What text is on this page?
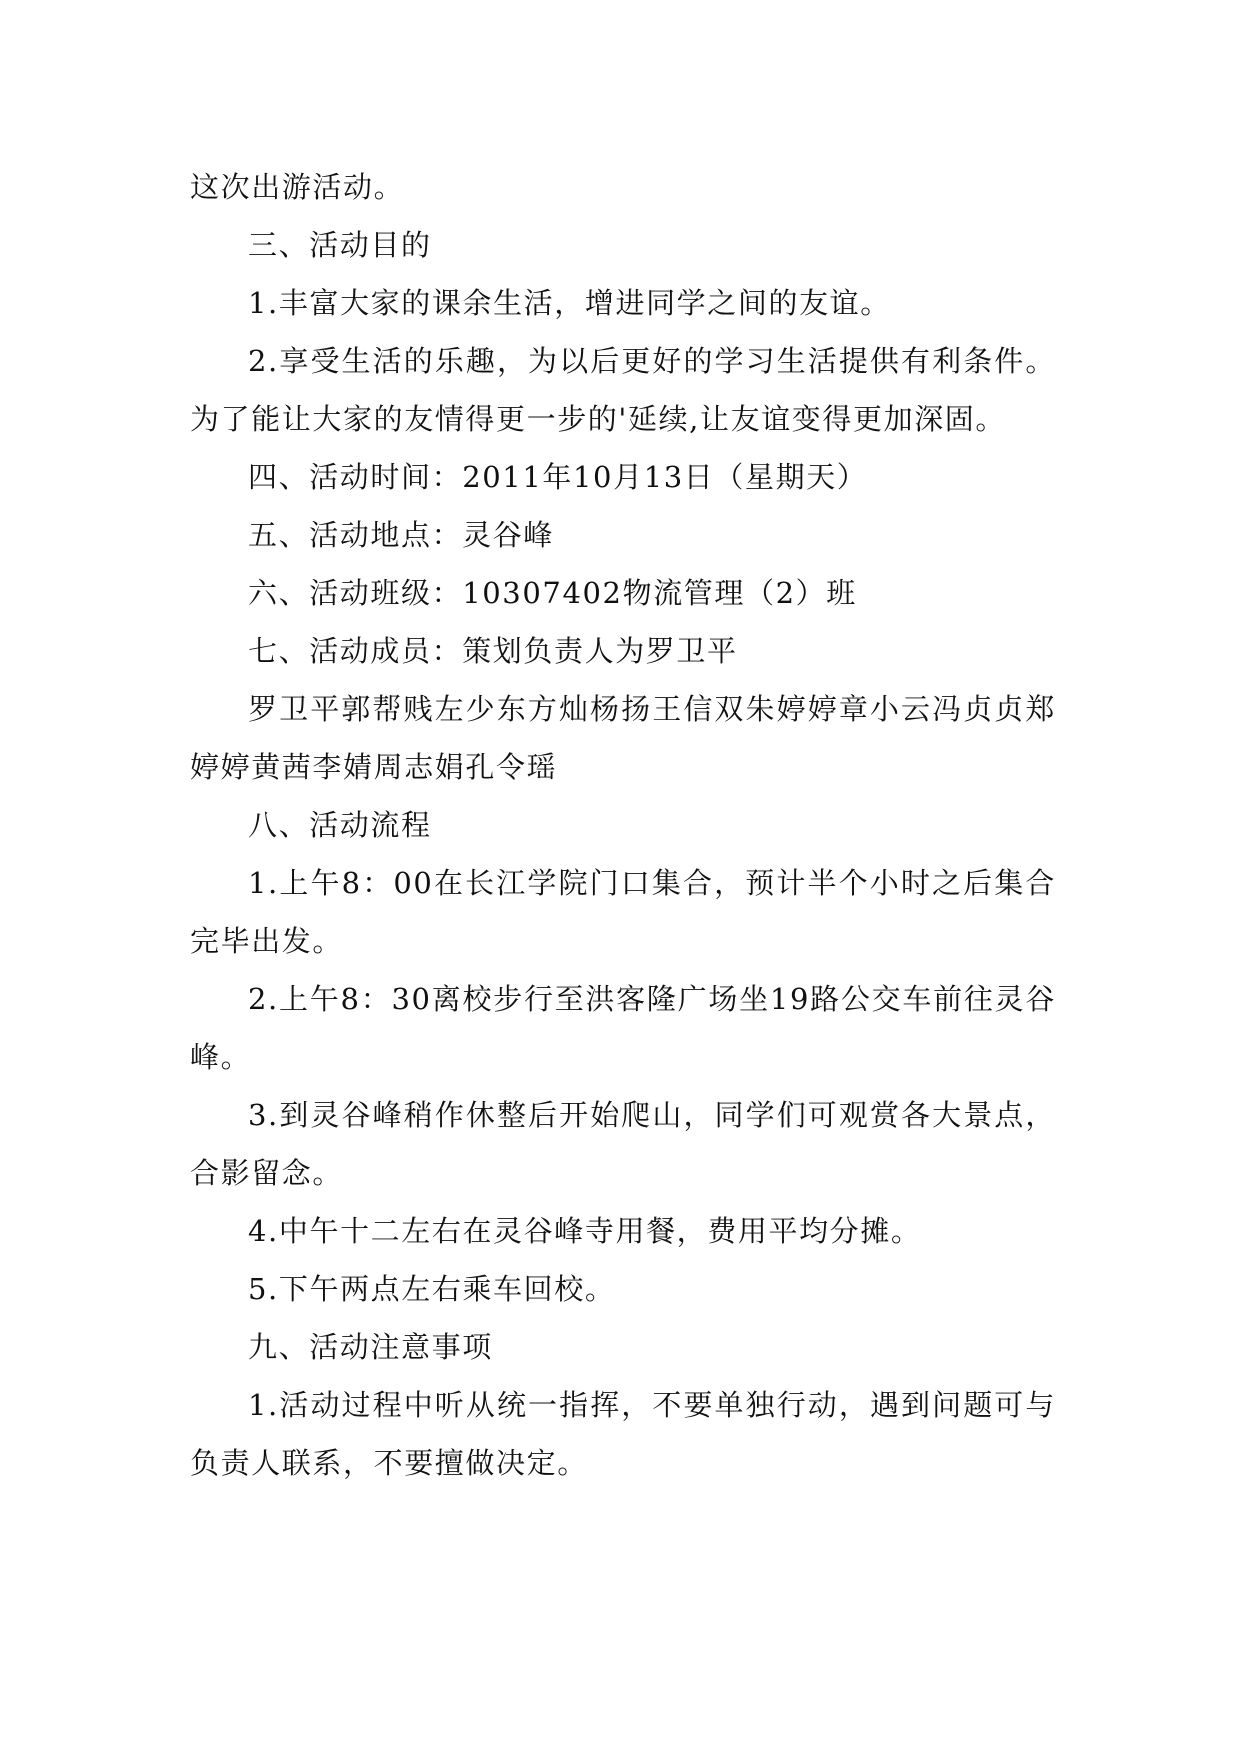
这次出游活动。

三、活动目的

1.丰富大家的课余生活，增进同学之间的友谊。

2.享受生活的乐趣，为以后更好的学习生活提供有利条件。为了能让大家的友情得更一步的'延续,让友谊变得更加深固。

四、活动时间：2011年10月13日（星期天）

五、活动地点：灵谷峰

六、活动班级：10307402物流管理（2）班

七、活动成员：策划负责人为罗卫平

罗卫平郭帮贱左少东方灿杨扬王信双朱婷婷章小云冯贞贞郑婷婷黄茜李婧周志娟孔令瑶

八、活动流程

1.上午8：00在长江学院门口集合，预计半个小时之后集合完毕出发。

2.上午8：30离校步行至洪客隆广场坐19路公交车前往灵谷峰。

3.到灵谷峰稍作休整后开始爬山，同学们可观赏各大景点，合影留念。

4.中午十二左右在灵谷峰寺用餐，费用平均分摊。

5.下午两点左右乘车回校。

九、活动注意事项

1.活动过程中听从统一指挥，不要单独行动，遇到问题可与负责人联系，不要擅做决定。
